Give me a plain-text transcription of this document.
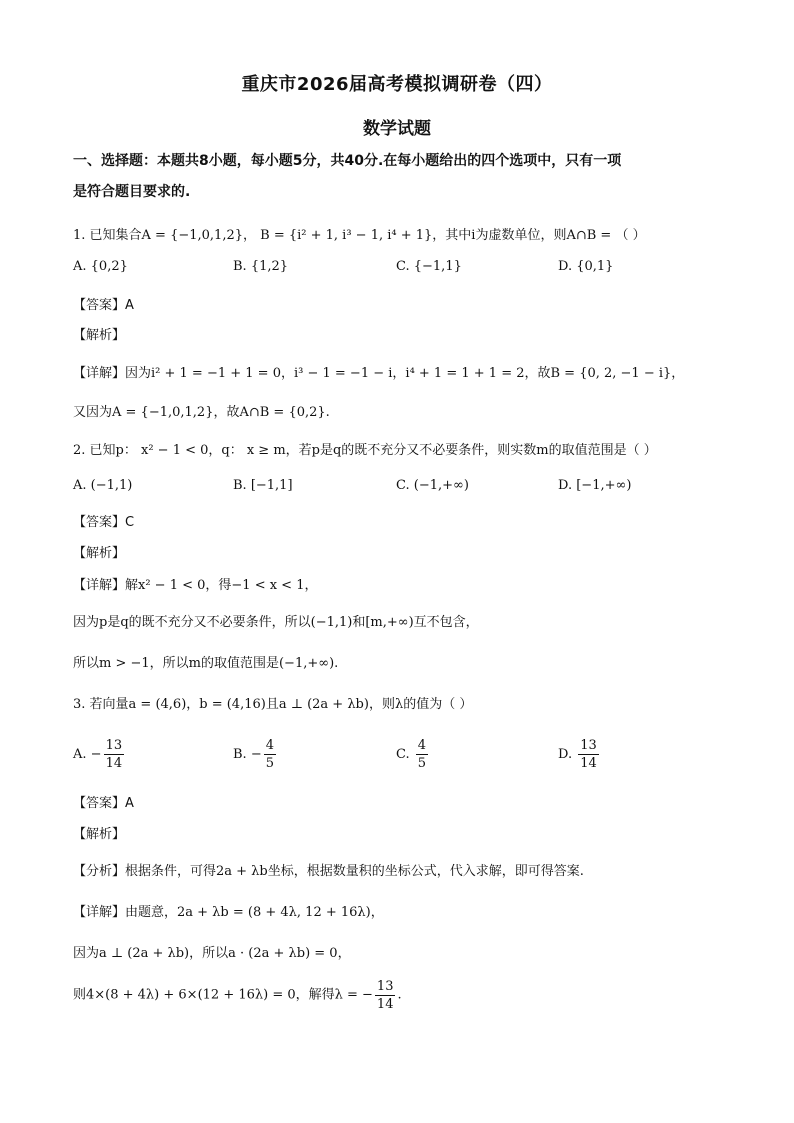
重庆市2026届高考模拟调研卷（四）
数学试题
一、选择题：本题共8小题，每小题5分，共40分.在每小题给出的四个选项中，只有一项
是符合题目要求的.
1. 已知集合A = {−1,0,1,2}， B = {i² + 1, i³ − 1, i⁴ + 1}，其中i为虚数单位，则A∩B = （ ）
A. {0,2}	B. {1,2}	C. {−1,1}	D. {0,1}
【答案】A
【解析】
【详解】因为i² + 1 = −1 + 1 = 0，i³ − 1 = −1 − i，i⁴ + 1 = 1 + 1 = 2，故B = {0, 2, −1 − i}，
又因为A = {−1,0,1,2}，故A∩B = {0,2}.
2. 已知p： x² − 1 < 0，q： x ≥ m，若p是q的既不充分又不必要条件，则实数m的取值范围是（ ）
A. (−1,1)	B. [−1,1]	C. (−1,+∞)	D. [−1,+∞)
【答案】C
【解析】
【详解】解x² − 1 < 0，得−1 < x < 1，
因为p是q的既不充分又不必要条件，所以(−1,1)和[m,+∞)互不包含，
所以m > −1，所以m的取值范围是(−1,+∞).
3. 若向量a = (4,6)，b = (4,16)且a ⊥ (2a + λb)，则λ的值为（ ）
A. − $\frac{13}{14}$	B. − $\frac{4}{5}$	C. $\frac{4}{5}$	D. $\frac{13}{14}$
【答案】A
【解析】
【分析】根据条件，可得2a + λb坐标，根据数量积的坐标公式，代入求解，即可得答案.
【详解】由题意，2a + λb = (8 + 4λ, 12 + 16λ)，
因为a ⊥ (2a + λb)，所以a · (2a + λb) = 0，
则4×(8 + 4λ) + 6×(12 + 16λ) = 0，解得λ = − $\frac{13}{14}$ .
